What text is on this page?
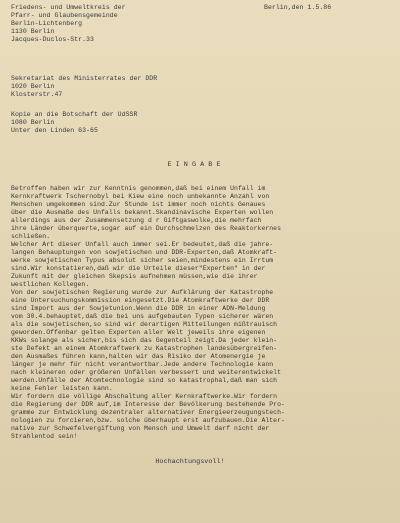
Friedens- und Umweltkreis der
Pfarr- und Glaubensgemeinde
Berlin-Lichtenberg
1130 Berlin
Jacques-Duclos-Str.33
Berlin,den 1.5.86
Sekretariat des Ministerrates der DDR
1020 Berlin
Klosterstr.47
Kopie an die Botschaft der UdSSR
1080 Berlin
Unter den Linden 63-65
E I N G A B E
Betroffen haben wir zur Kenntnis genommen,daß bei einem Unfall im
Kernkraftwerk Tschernobyl bei Kiew eine noch unbekannte Anzahl von
Menschen umgekommen sind.Zur Stunde ist immer noch nichts Genaues
über die Ausmaße des Unfalls bekannt.Skandinavische Experten wollen
allerdings aus der Zusammensetzung d r Giftgaswolke,die mehrfach
ihre Länder überquerte,sogar auf ein Durchschmelzen des Reaktorkernes
schließen.
Welcher Art dieser Unfall auch immer sei.Er bedeutet,daß die jahre-
langen Behauptungen von sowjetischen und DDR-Experten,daß Atomkraft-
werke sowjetischen Typus absolut sicher seien,mindestens ein Irrtum
sind.Wir konstatieren,daß wir die Urteile dieser"Experten" in der
Zukunft mit der gleichen Skepsis aufnehmen müssen,wie die ihrer
westlichen Kollegen.
Von der sowjetischen Regierung wurde zur Aufklärung der Katastrophe
eine Untersuchungskommission eingesetzt.Die Atomkraftwerke der DDR
sind Import aus der Sowjetunion.Wenn die DDR in einer ADN-Meldung
vom 30.4.behauptet,daß die bei uns aufgebauten Typen sicherer wären
als die sowjetischen,so sind wir derartigen Mitteilungen mißtrauisch
geworden.Offenbar gelten Experten aller Welt jeweils ihre eigenen
KKWs solange als sicher,bis sich das Gegenteil zeigt.Da jeder klein-
ste Defekt an einem Atomkraftwerk zu Katastrophen landesübergreifen-
den Ausmaßes führen kann,halten wir das Risiko der Atomenergie je
länger je mehr für nicht verantwortbar.Jede andere Technologie kann
nach kleineren oder größeren Unfällen verbessert und weiterentwickelt
werden.Unfälle der Atomtechnologie sind so katastrophal,daß man sich
keine Fehler leisten kann.
Wir fordern die völlige Abschaltung aller Kernkraftwerke.Wir fordern
die Regierung der DDR auf,im Interesse der Bevölkerung bestehende Pro-
gramme zur Entwicklung dezentraler alternativer Energieerzeugungstech-
nologien zu forcieren,bzw. solche überhaupt erst aufzubauen.Die Alter-
native zur Schwefelvergiftung von Mensch und Umwelt darf nicht der
Strahlentod sein!
Hochachtungsvoll!
